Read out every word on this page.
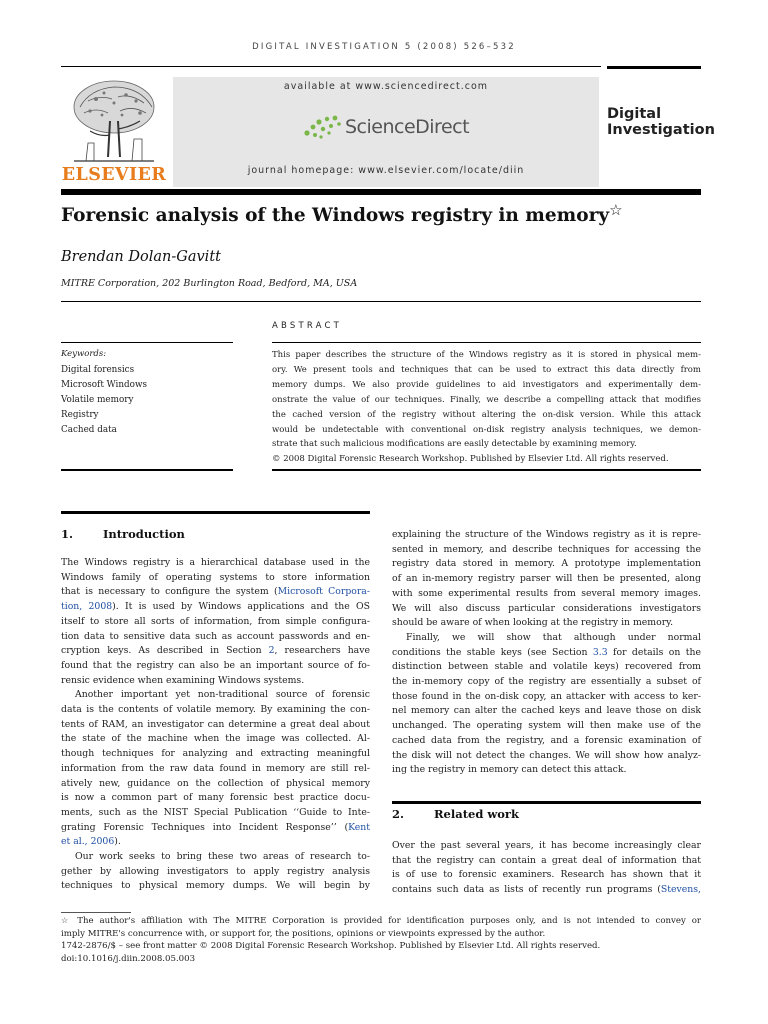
DIGITAL INVESTIGATION 5 (2008) 526–532
ELSEVIER
available at www.sciencedirect.com
ScienceDirect
journal homepage: www.elsevier.com/locate/diin
Digital
Investigation
Forensic analysis of the Windows registry in memory☆
Brendan Dolan-Gavitt
MITRE Corporation, 202 Burlington Road, Bedford, MA, USA
ABSTRACT
Keywords:
Digital forensics
Microsoft Windows
Volatile memory
Registry
Cached data
This paper describes the structure of the Windows registry as it is stored in physical mem-
ory. We present tools and techniques that can be used to extract this data directly from
memory dumps. We also provide guidelines to aid investigators and experimentally dem-
onstrate the value of our techniques. Finally, we describe a compelling attack that modifies
the cached version of the registry without altering the on-disk version. While this attack
would be undetectable with conventional on-disk registry analysis techniques, we demon-
strate that such malicious modifications are easily detectable by examining memory.
© 2008 Digital Forensic Research Workshop. Published by Elsevier Ltd. All rights reserved.
1.	Introduction
The Windows registry is a hierarchical database used in the
Windows family of operating systems to store information
that is necessary to configure the system (Microsoft Corpora-
tion, 2008). It is used by Windows applications and the OS
itself to store all sorts of information, from simple configura-
tion data to sensitive data such as account passwords and en-
cryption keys. As described in Section 2, researchers have
found that the registry can also be an important source of fo-
rensic evidence when examining Windows systems.
Another important yet non-traditional source of forensic
data is the contents of volatile memory. By examining the con-
tents of RAM, an investigator can determine a great deal about
the state of the machine when the image was collected. Al-
though techniques for analyzing and extracting meaningful
information from the raw data found in memory are still rel-
atively new, guidance on the collection of physical memory
is now a common part of many forensic best practice docu-
ments, such as the NIST Special Publication ‘‘Guide to Inte-
grating Forensic Techniques into Incident Response’’ (Kent
et al., 2006).
Our work seeks to bring these two areas of research to-
gether by allowing investigators to apply registry analysis
techniques to physical memory dumps. We will begin by
explaining the structure of the Windows registry as it is repre-
sented in memory, and describe techniques for accessing the
registry data stored in memory. A prototype implementation
of an in-memory registry parser will then be presented, along
with some experimental results from several memory images.
We will also discuss particular considerations investigators
should be aware of when looking at the registry in memory.
Finally, we will show that although under normal
conditions the stable keys (see Section 3.3 for details on the
distinction between stable and volatile keys) recovered from
the in-memory copy of the registry are essentially a subset of
those found in the on-disk copy, an attacker with access to ker-
nel memory can alter the cached keys and leave those on disk
unchanged. The operating system will then make use of the
cached data from the registry, and a forensic examination of
the disk will not detect the changes. We will show how analyz-
ing the registry in memory can detect this attack.
2.	Related work
Over the past several years, it has become increasingly clear
that the registry can contain a great deal of information that
is of use to forensic examiners. Research has shown that it
contains such data as lists of recently run programs (Stevens,
☆ The author's affiliation with The MITRE Corporation is provided for identification purposes only, and is not intended to convey or
imply MITRE's concurrence with, or support for, the positions, opinions or viewpoints expressed by the author.
1742-2876/$ – see front matter © 2008 Digital Forensic Research Workshop. Published by Elsevier Ltd. All rights reserved.
doi:10.1016/j.diin.2008.05.003
